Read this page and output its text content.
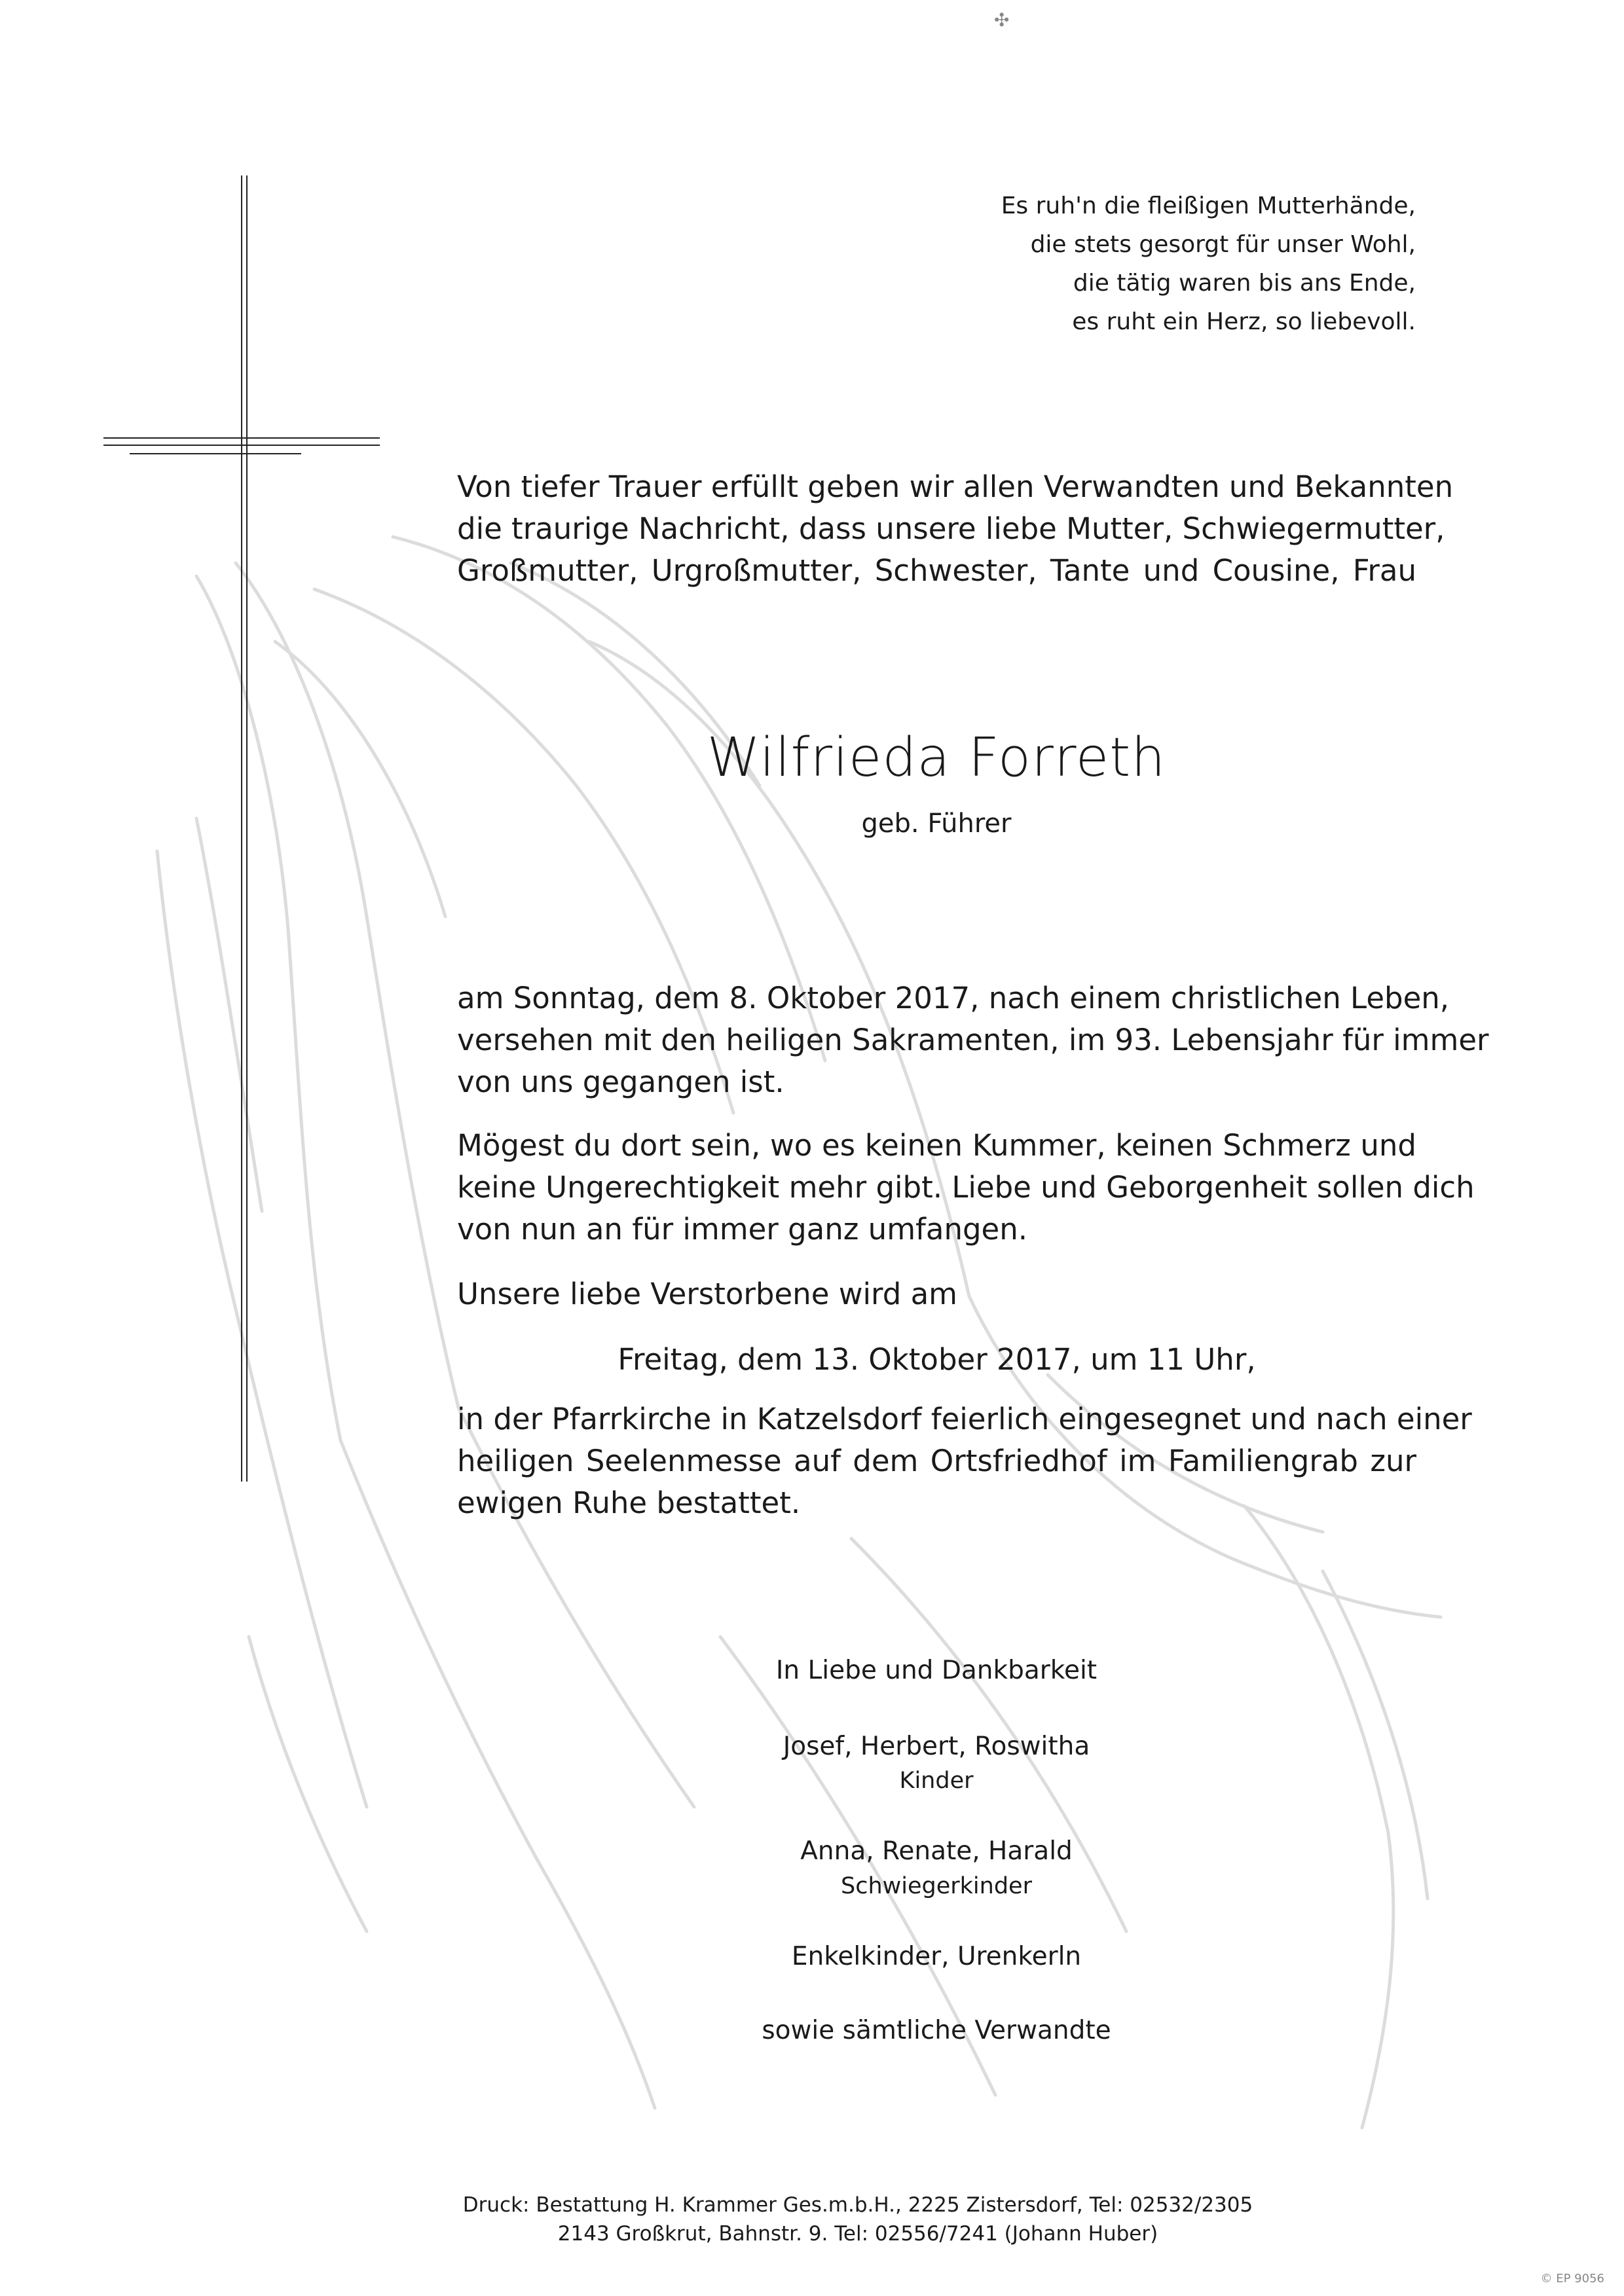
✣
Es ruh'n die fleißigen Mutterhände,
die stets gesorgt für unser Wohl,
die tätig waren bis ans Ende,
es ruht ein Herz, so liebevoll.
Von tiefer Trauer erfüllt geben wir allen Verwandten und Bekannten
die traurige Nachricht, dass unsere liebe Mutter, Schwiegermutter,
Großmutter, Urgroßmutter, Schwester, Tante und Cousine, Frau
Wilfrieda Forreth
geb. Führer
am Sonntag, dem 8. Oktober 2017, nach einem christlichen Leben,
versehen mit den heiligen Sakramenten, im 93. Lebensjahr für immer
von uns gegangen ist.
Mögest du dort sein, wo es keinen Kummer, keinen Schmerz und
keine Ungerechtigkeit mehr gibt. Liebe und Geborgenheit sollen dich
von nun an für immer ganz umfangen.
Unsere liebe Verstorbene wird am
Freitag, dem 13. Oktober 2017, um 11 Uhr,
in der Pfarrkirche in Katzelsdorf feierlich eingesegnet und nach einer
heiligen Seelenmesse auf dem Ortsfriedhof im Familiengrab zur
ewigen Ruhe bestattet.
In Liebe und Dankbarkeit
Josef, Herbert, Roswitha
Kinder
Anna, Renate, Harald
Schwiegerkinder
Enkelkinder, Urenkerln
sowie sämtliche Verwandte
Druck: Bestattung H. Krammer Ges.m.b.H., 2225 Zistersdorf, Tel: 02532/2305
2143 Großkrut, Bahnstr. 9. Tel: 02556/7241 (Johann Huber)
© EP 9056
